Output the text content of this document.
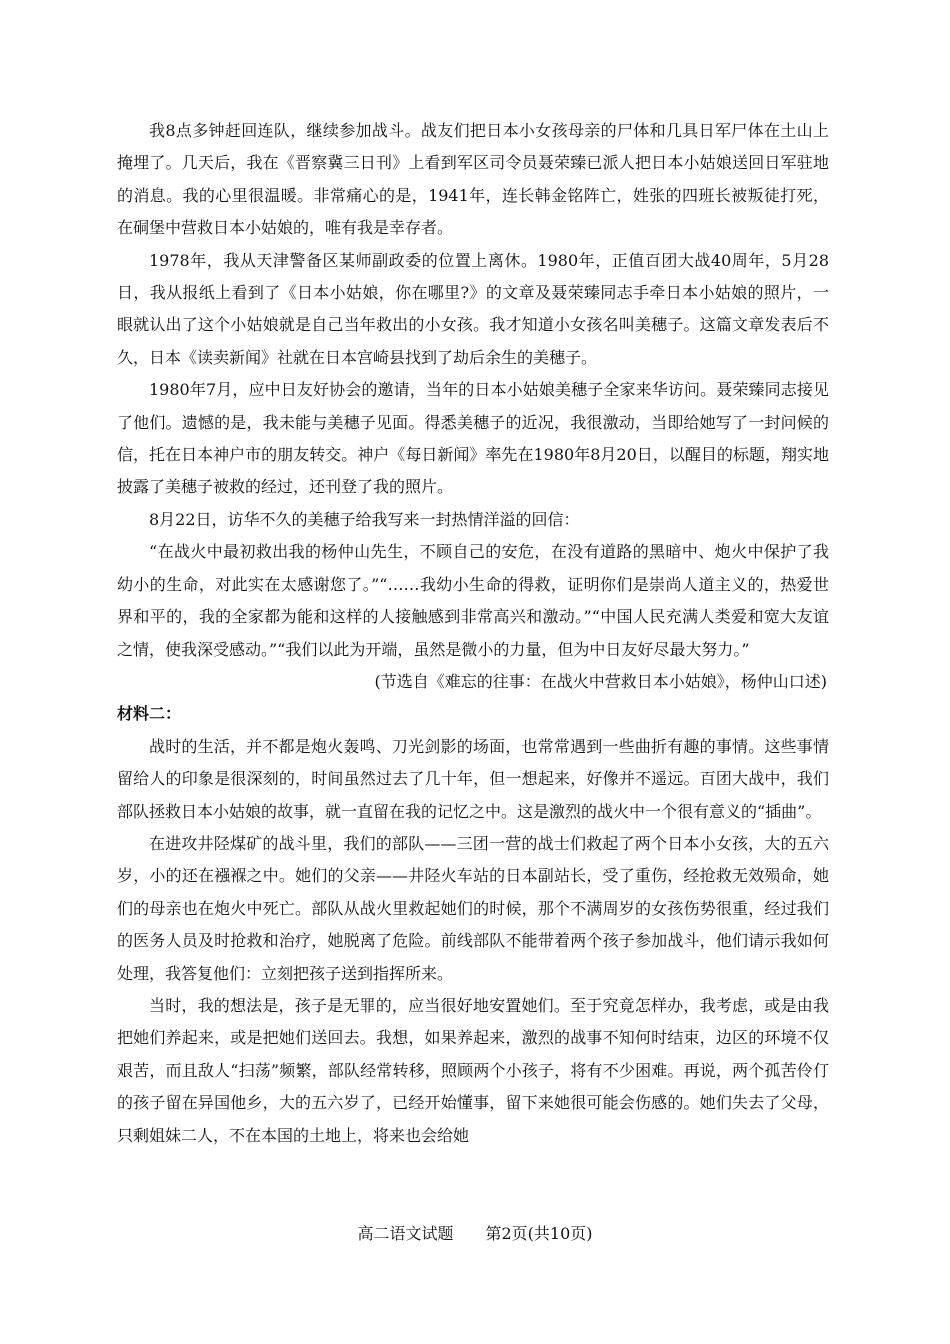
我8点多钟赶回连队，继续参加战斗。战友们把日本小女孩母亲的尸体和几具日军尸体在土山上掩埋了。几天后，我在《晋察冀三日刊》上看到军区司令员聂荣臻已派人把日本小姑娘送回日军驻地的消息。我的心里很温暖。非常痛心的是，1941年，连长韩金铭阵亡，姓张的四班长被叛徒打死，在硐堡中营救日本小姑娘的，唯有我是幸存者。

1978年，我从天津警备区某师副政委的位置上离休。1980年，正值百团大战40周年，5月28日，我从报纸上看到了《日本小姑娘，你在哪里?》的文章及聂荣臻同志手牵日本小姑娘的照片，一眼就认出了这个小姑娘就是自己当年救出的小女孩。我才知道小女孩名叫美穗子。这篇文章发表后不久，日本《读卖新闻》社就在日本宫崎县找到了劫后余生的美穗子。

1980年7月，应中日友好协会的邀请，当年的日本小姑娘美穗子全家来华访问。聂荣臻同志接见了他们。遗憾的是，我未能与美穗子见面。得悉美穗子的近况，我很激动，当即给她写了一封问候的信，托在日本神户市的朋友转交。神户《每日新闻》率先在1980年8月20日，以醒目的标题，翔实地披露了美穗子被救的经过，还刊登了我的照片。

8月22日，访华不久的美穗子给我写来一封热情洋溢的回信：

“在战火中最初救出我的杨仲山先生，不顾自己的安危，在没有道路的黑暗中、炮火中保护了我幼小的生命，对此实在太感谢您了。”“……我幼小生命的得救，证明你们是崇尚人道主义的，热爱世界和平的，我的全家都为能和这样的人接触感到非常高兴和激动。”“中国人民充满人类爱和宽大友谊之情，使我深受感动。”“我们以此为开端，虽然是微小的力量，但为中日友好尽最大努力。”

(节选自《难忘的往事：在战火中营救日本小姑娘》，杨仲山口述)

材料二：

战时的生活，并不都是炮火轰鸣、刀光剑影的场面，也常常遇到一些曲折有趣的事情。这些事情留给人的印象是很深刻的，时间虽然过去了几十年，但一想起来，好像并不遥远。百团大战中，我们部队拯救日本小姑娘的故事，就一直留在我的记忆之中。这是激烈的战火中一个很有意义的“插曲”。

在进攻井陉煤矿的战斗里，我们的部队——三团一营的战士们救起了两个日本小女孩，大的五六岁，小的还在襁褓之中。她们的父亲——井陉火车站的日本副站长，受了重伤，经抢救无效殒命，她们的母亲也在炮火中死亡。部队从战火里救起她们的时候，那个不满周岁的女孩伤势很重，经过我们的医务人员及时抢救和治疗，她脱离了危险。前线部队不能带着两个孩子参加战斗，他们请示我如何处理，我答复他们：立刻把孩子送到指挥所来。

当时，我的想法是，孩子是无罪的，应当很好地安置她们。至于究竟怎样办，我考虑，或是由我把她们养起来，或是把她们送回去。我想，如果养起来，激烈的战事不知何时结束，边区的环境不仅艰苦，而且敌人“扫荡”频繁，部队经常转移，照顾两个小孩子，将有不少困难。再说，两个孤苦伶仃的孩子留在异国他乡，大的五六岁了，已经开始懂事，留下来她很可能会伤感的。她们失去了父母，只剩姐妹二人，不在本国的土地上，将来也会给她

高二语文试题 第2页(共10页)
